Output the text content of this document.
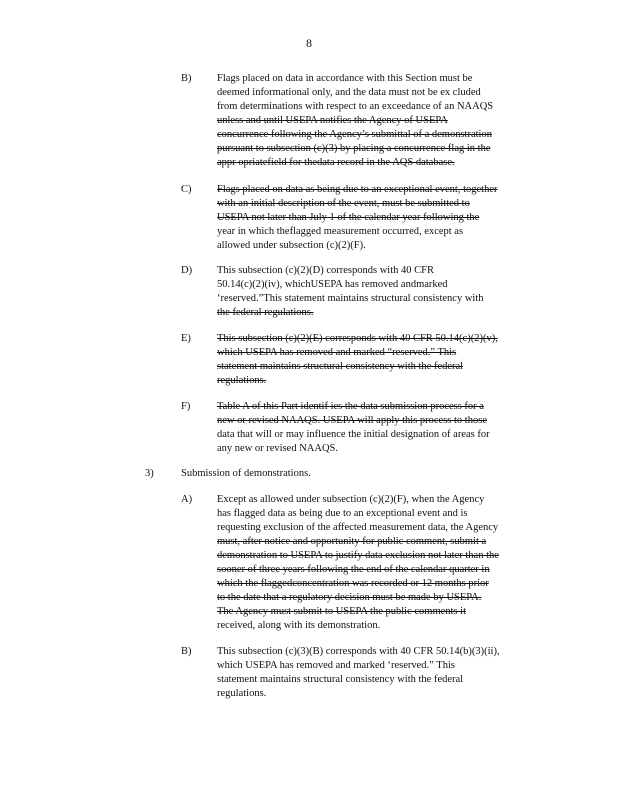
8
B) Flags placed on data in accordance with this Section must be
deemed informational only, and the data must not be ex cluded
from determinations with respect to an exceedance of an NAAQS
unless and until USEPA notifies the Agency of USEPA
concurrence following the Agency’s submittal of a demonstration
pursuant to subsection (c)(3) by placing a concurrence flag in the
appr opriatefield for thedata record in the AQS database.
C) Flags placed on data as being due to an exceptional event, together
with an initial description of the event, must be submitted to
USEPA not later than July 1 of the calendar year following the
year in which theflagged measurement occurred, except as
allowed under subsection (c)(2)(F).
D) This subsection (c)(2)(D) corresponds with 40 CFR
50.14(c)(2)(iv), whichUSEPA has removed andmarked
‘reserved.”This statement maintains structural consistency with
the federal regulations.
E) This subsection (c)(2)(E) corresponds with 40 CFR 50.14(c)(2)(v),
which USEPA has removed and marked “reserved.” This
statement maintains structural consistency with the federal
regulations.
F)	Table A of this Part identif ies the data submission process for a
new or revised NAAQS. USEPA will apply this process to those
data that will or may influence the initial designation of areas for
any new or revised NAAQS.
3)	Submission of demonstrations.
A) Except as allowed under subsection (c)(2)(F), when the Agency
has flagged data as being due to an exceptional event and is
requesting exclusion of the affected measurement data, the Agency
must, after notice and opportunity for public comment, submit a
demonstration to USEPA to justify data exclusion not later than the
sooner of three years following the end of the calendar quarter in
which the flaggedconcentration was recorded or 12 months prior
to the date that a regulatory decision must be made by USEPA.
The Agency must submit to USEPA the public comments it
received, along with its demonstration.
B) This subsection (c)(3)(B) corresponds with 40 CFR 50.14(b)(3)(ii),
which USEPA has removed and marked ‘reserved.” This
statement maintains structural consistency with the federal
regulations.
